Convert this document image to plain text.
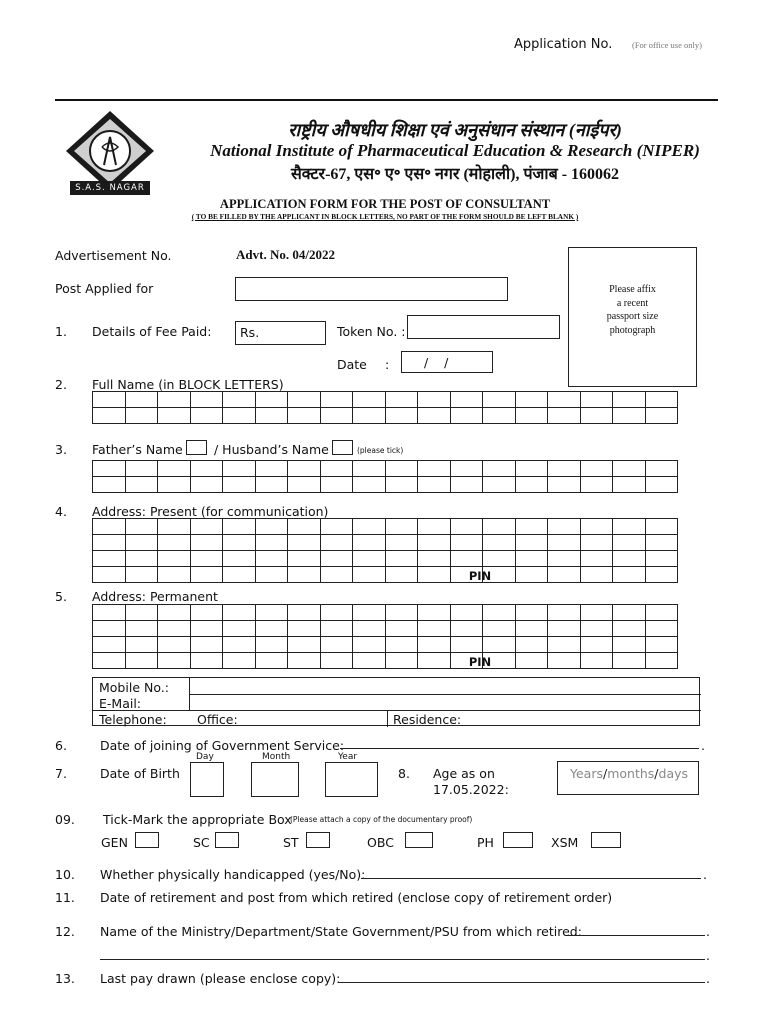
Application No. (For office use only)
S.A.S. NAGAR
राष्ट्रीय औषधीय शिक्षा एवं अनुसंधान संस्थान (नाईपर)
National Institute of Pharmaceutical Education & Research (NIPER)
सैक्टर-67, एस॰ ए॰ एस॰ नगर (मोहाली), पंजाब - 160062
APPLICATION FORM FOR THE POST OF CONSULTANT
( TO BE FILLED BY THE APPLICANT IN BLOCK LETTERS, NO PART OF THE FORM SHOULD BE LEFT BLANK )
Please affix
a recent
passport size
photograph
Advertisement No.	Advt. No. 04/2022
Post Applied for
1. Details of Fee Paid: Rs.	Token No. :
Date :	/    /
2. Full Name (in BLOCK LETTERS)

3. Father’s Name	/ Husband’s Name	(please tick)

4. Address: Present (for communication)

PIN
5. Address: Permanent

PIN
Mobile No.:
E-Mail:
Telephone: Office:	Residence:
6.	Date of joining of Government Service:	.
Day	Month	Year
7.	Date of Birth	8. Age as on
17.05.2022:
Years/months/days
09. Tick-Mark the appropriate Box
(Please attach a copy of the documentary proof)
GEN	SC	ST	OBC	PH	XSM
10. Whether physically handicapped (yes/No):	.
11. Date of retirement and post from which retired (enclose copy of retirement order)
12. Name of the Ministry/Department/State Government/PSU from which retired:	.
.
13. Last pay drawn (please enclose copy):	.
